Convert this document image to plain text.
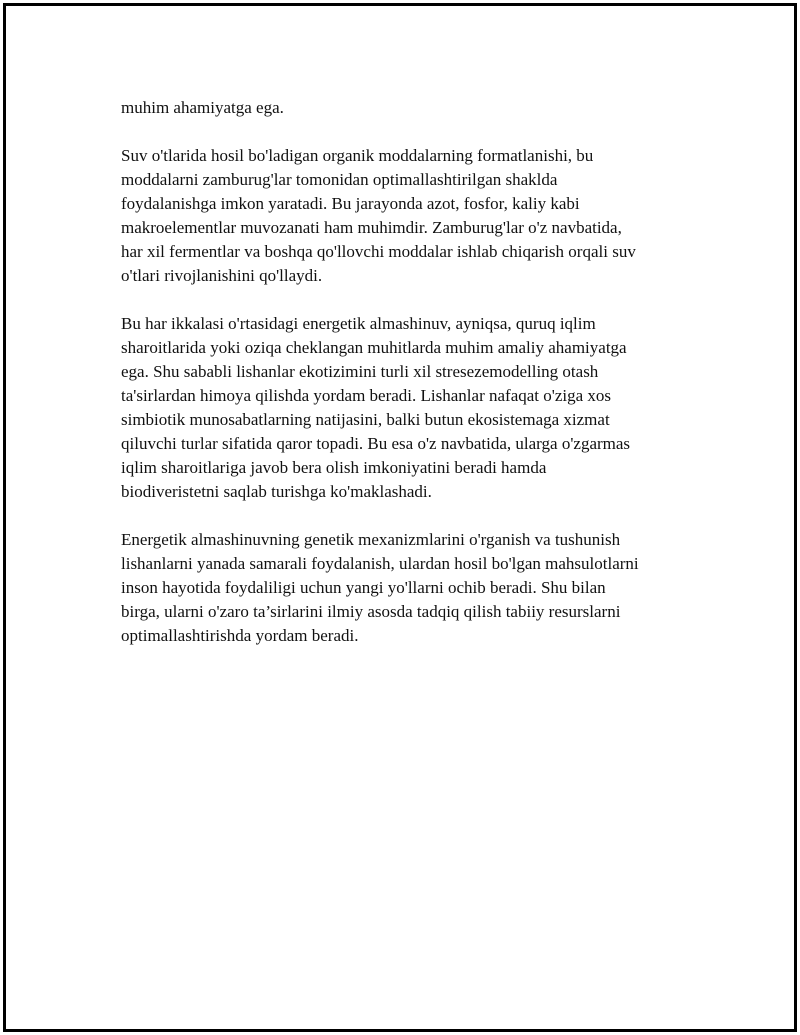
muhim ahamiyatga ega.
Suv o'tlarida hosil bo'ladigan organik moddalarning formatlanishi, bu
moddalarni zamburug'lar tomonidan optimallashtirilgan shaklda
foydalanishga imkon yaratadi. Bu jarayonda azot, fosfor, kaliy kabi
makroelementlar muvozanati ham muhimdir. Zamburug'lar o'z navbatida,
har xil fermentlar va boshqa qo'llovchi moddalar ishlab chiqarish orqali suv
o'tlari rivojlanishini qo'llaydi.
Bu har ikkalasi o'rtasidagi energetik almashinuv, ayniqsa, quruq iqlim
sharoitlarida yoki oziqa cheklangan muhitlarda muhim amaliy ahamiyatga
ega. Shu sababli lishanlar ekotizimini turli xil stresezemodelling otash
ta'sirlardan himoya qilishda yordam beradi. Lishanlar nafaqat o'ziga xos
simbiotik munosabatlarning natijasini, balki butun ekosistemaga xizmat
qiluvchi turlar sifatida qaror topadi. Bu esa o'z navbatida, ularga o'zgarmas
iqlim sharoitlariga javob bera olish imkoniyatini beradi hamda
biodiveristetni saqlab turishga ko'maklashadi.
Energetik almashinuvning genetik mexanizmlarini o'rganish va tushunish
lishanlarni yanada samarali foydalanish, ulardan hosil bo'lgan mahsulotlarni
inson hayotida foydaliligi uchun yangi yo'llarni ochib beradi. Shu bilan
birga, ularni o'zaro ta’sirlarini ilmiy asosda tadqiq qilish tabiiy resurslarni
optimallashtirishda yordam beradi.
